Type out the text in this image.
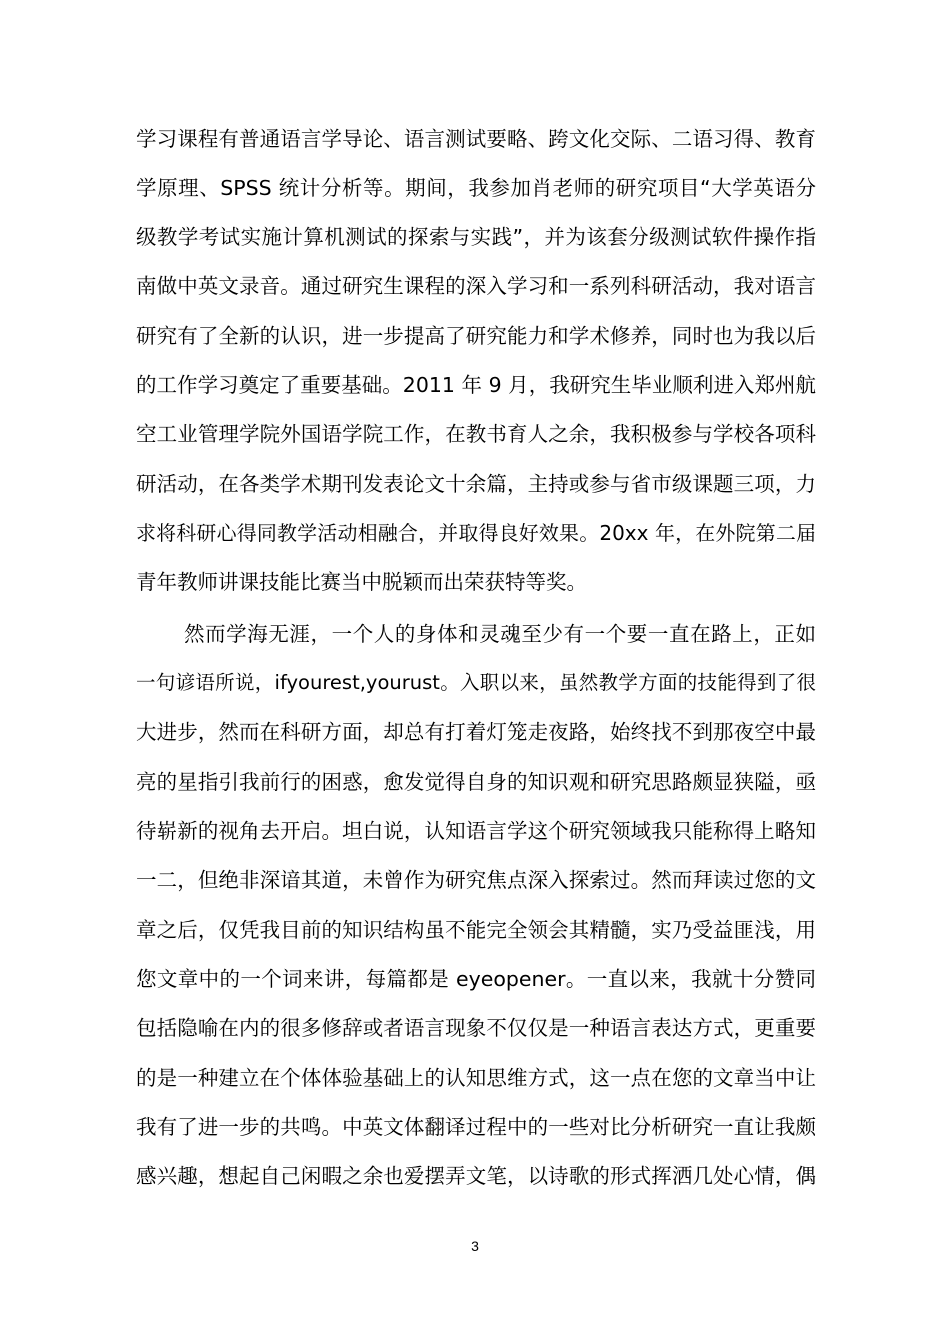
学习课程有普通语言学导论、语言测试要略、跨文化交际、二语习得、教育
学原理、SPSS 统计分析等。期间，我参加肖老师的研究项目“大学英语分
级教学考试实施计算机测试的探索与实践”，并为该套分级测试软件操作指
南做中英文录音。通过研究生课程的深入学习和一系列科研活动，我对语言
研究有了全新的认识，进一步提高了研究能力和学术修养，同时也为我以后
的工作学习奠定了重要基础。2011 年 9 月，我研究生毕业顺利进入郑州航
空工业管理学院外国语学院工作，在教书育人之余，我积极参与学校各项科
研活动，在各类学术期刊发表论文十余篇，主持或参与省市级课题三项，力
求将科研心得同教学活动相融合，并取得良好效果。20xx 年，在外院第二届
青年教师讲课技能比赛当中脱颖而出荣获特等奖。
然而学海无涯，一个人的身体和灵魂至少有一个要一直在路上，正如
一句谚语所说，ifyourest,yourust。入职以来，虽然教学方面的技能得到了很
大进步，然而在科研方面，却总有打着灯笼走夜路，始终找不到那夜空中最
亮的星指引我前行的困惑，愈发觉得自身的知识观和研究思路颇显狭隘，亟
待崭新的视角去开启。坦白说，认知语言学这个研究领域我只能称得上略知
一二，但绝非深谙其道，未曾作为研究焦点深入探索过。然而拜读过您的文
章之后，仅凭我目前的知识结构虽不能完全领会其精髓，实乃受益匪浅，用
您文章中的一个词来讲，每篇都是 eyeopener。一直以来，我就十分赞同
包括隐喻在内的很多修辞或者语言现象不仅仅是一种语言表达方式，更重要
的是一种建立在个体体验基础上的认知思维方式，这一点在您的文章当中让
我有了进一步的共鸣。中英文体翻译过程中的一些对比分析研究一直让我颇
感兴趣，想起自己闲暇之余也爱摆弄文笔，以诗歌的形式挥洒几处心情，偶
3
